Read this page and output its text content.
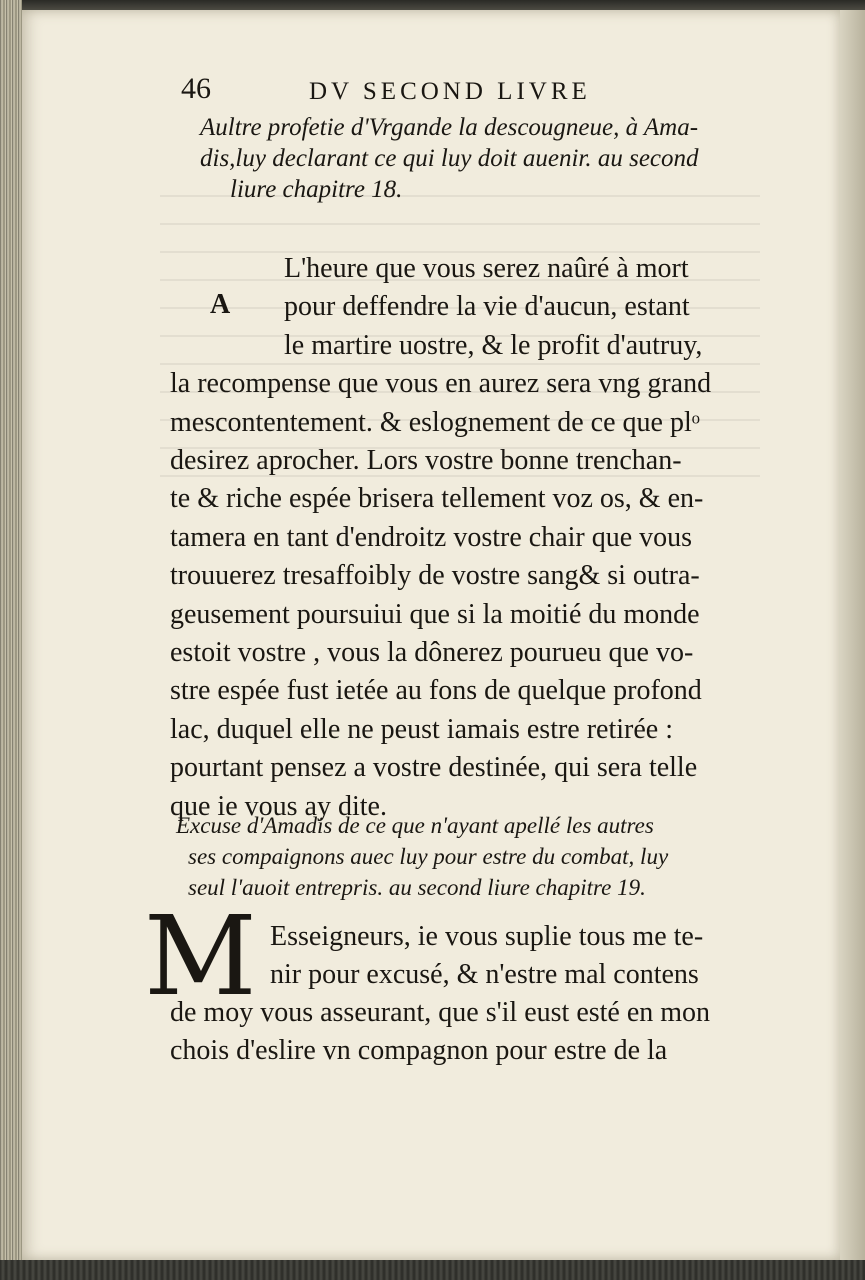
46	DV SECOND LIVRE
Aultre profetie d'Vrgande la descougneue, à Ama-
dis,luy declarant ce qui luy doit auenir. au second
liure chapitre 18.
A
L'heure que vous serez naûré à mort
pour deffendre la vie d'aucun, estant
le martire uostre, & le profit d'autruy,
la recompense que vous en aurez sera vng grand
mescontentement. & eslognement de ce que plᵒ
desirez aprocher. Lors vostre bonne trenchan-
te & riche espée brisera tellement voz os, & en-
tamera en tant d'endroitz vostre chair que vous
trouuerez tresaffoibly de vostre sang& si outra-
geusement poursuiui que si la moitié du monde
estoit vostre , vous la dônerez pourueu que vo-
stre espée fust ietée au fons de quelque profond
lac, duquel elle ne peust iamais estre retirée :
pourtant pensez a vostre destinée, qui sera telle
que ie vous ay dite.
Excuse d'Amadis de ce que n'ayant apellé les autres
ses compaignons auec luy pour estre du combat, luy
seul l'auoit entrepris. au second liure chapitre 19.
M Esseigneurs, ie vous suplie tous me te-
nir pour excusé, & n'estre mal contens
de moy vous asseurant, que s'il eust esté en mon
chois d'eslire vn compagnon pour estre de la
